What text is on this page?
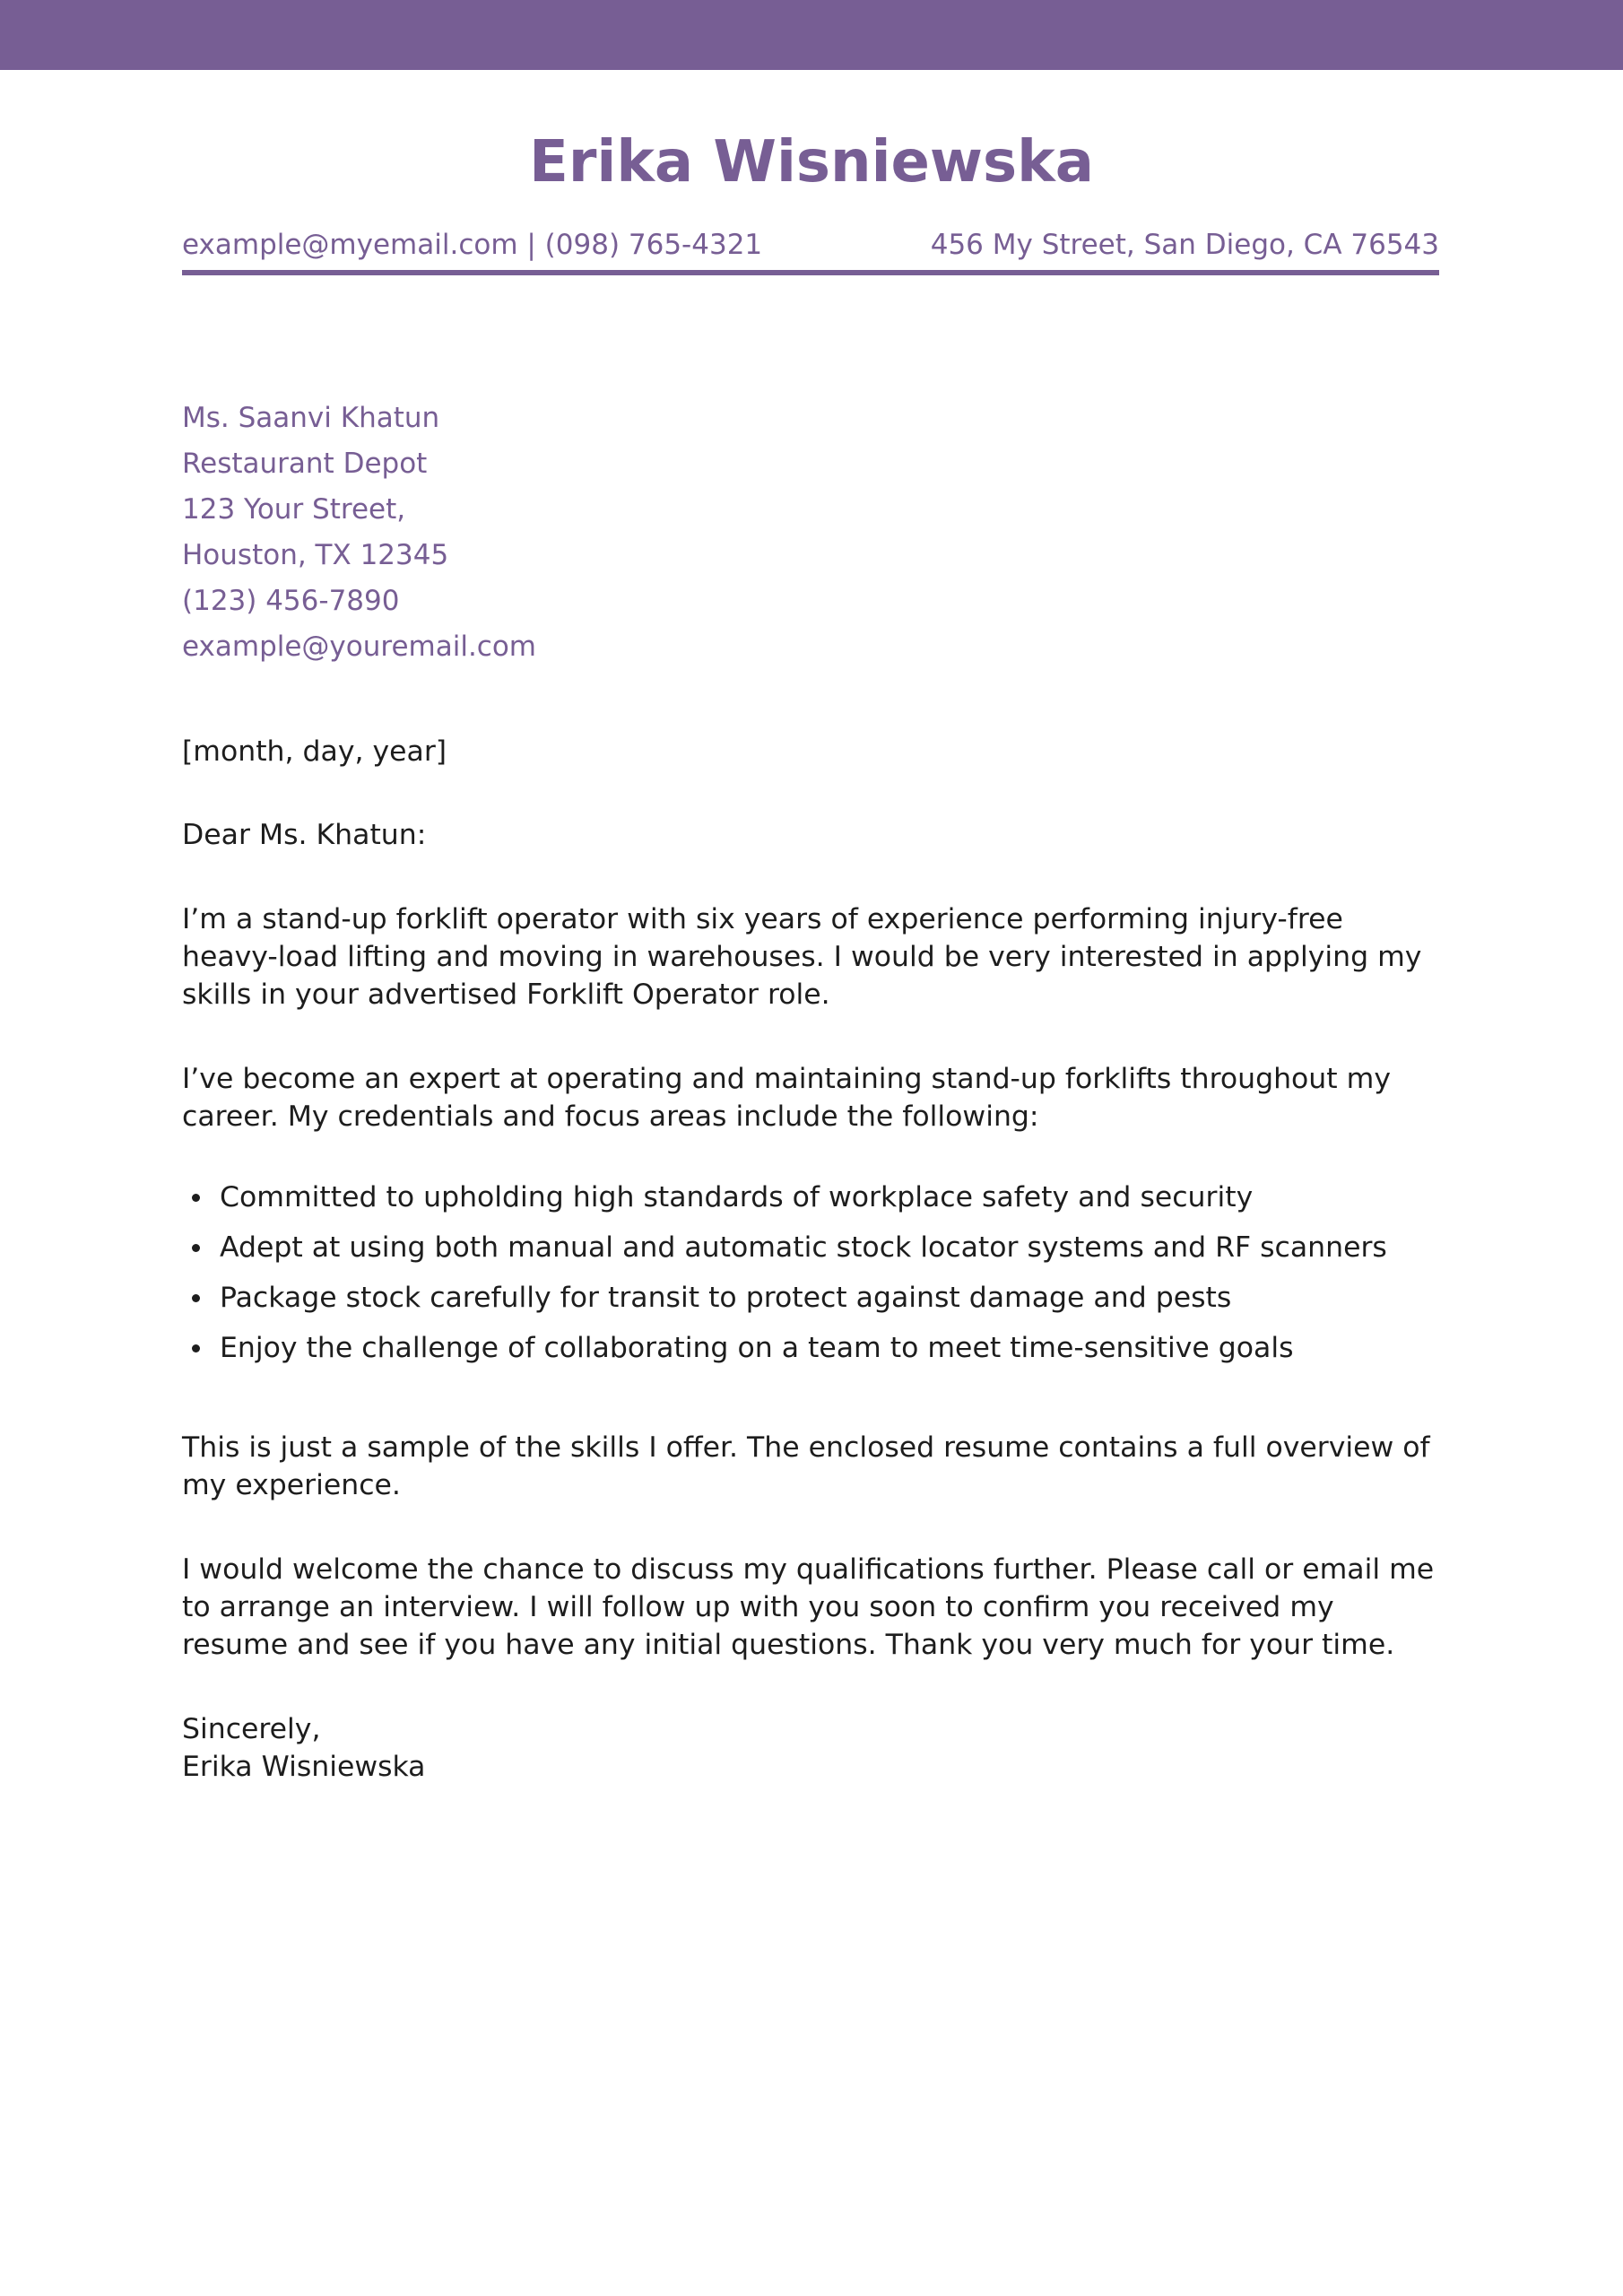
Erika Wisniewska
example@myemail.com | (098) 765-4321	456 My Street, San Diego, CA 76543
Ms. Saanvi Khatun
Restaurant Depot
123 Your Street,
Houston, TX 12345
(123) 456-7890
example@youremail.com

[month, day, year]

Dear Ms. Khatun:

I’m a stand-up forklift operator with six years of experience performing injury-free heavy-load lifting and moving in warehouses. I would be very interested in applying my skills in your advertised Forklift Operator role.

I’ve become an expert at operating and maintaining stand-up forklifts throughout my career. My credentials and focus areas include the following:

Committed to upholding high standards of workplace safety and security
Adept at using both manual and automatic stock locator systems and RF scanners
Package stock carefully for transit to protect against damage and pests
Enjoy the challenge of collaborating on a team to meet time-sensitive goals

This is just a sample of the skills I offer. The enclosed resume contains a full overview of my experience.

I would welcome the chance to discuss my qualifications further. Please call or email me to arrange an interview. I will follow up with you soon to confirm you received my resume and see if you have any initial questions. Thank you very much for your time.

Sincerely,

Erika Wisniewska
